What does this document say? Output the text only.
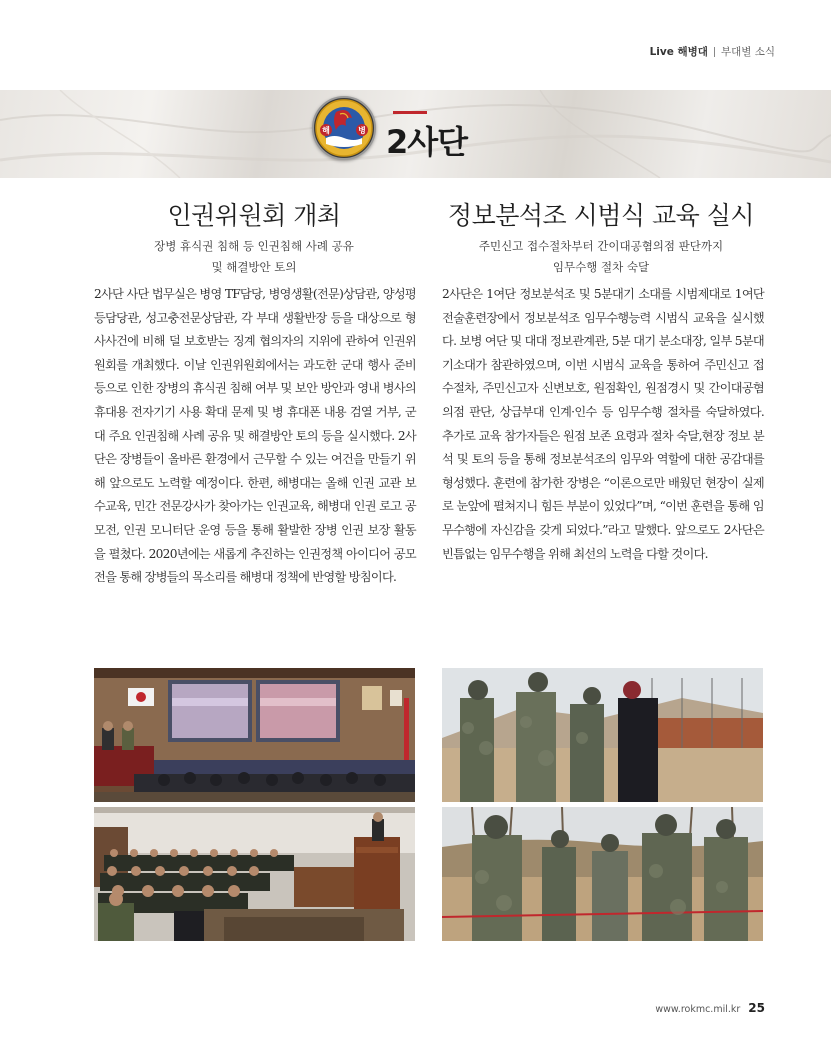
Live 해병대 부대별 소식
해	병 2사단
인권위원회 개최
장병 휴식권 침해 등 인권침해 사례 공유
및 해결방안 토의
2사단 사단 법무실은 병영 TF담당, 병영생활(전문)상담관, 양성평등담당관, 성고충전문상담관, 각 부대 생활반장 등을 대상으로 형사사건에 비해 덜 보호받는 징계 협의자의 지위에 관하여 인권위원회를 개최했다. 이날 인권위원회에서는 과도한 군대 행사 준비 등으로 인한 장병의 휴식권 침해 여부 및 보안 방안과 영내 병사의 휴대용 전자기기 사용 확대 문제 및 병 휴대폰 내용 검열 거부, 군대 주요 인권침해 사례 공유 및 해결방안 토의 등을 실시했다. 2사단은 장병들이 올바른 환경에서 근무할 수 있는 여건을 만들기 위해 앞으로도 노력할 예정이다. 한편, 해병대는 올해 인권 교관 보수교육, 민간 전문강사가 찾아가는 인권교육, 해병대 인권 로고 공모전, 인권 모니터단 운영 등을 통해 활발한 장병 인권 보장 활동을 펼쳤다. 2020년에는 새롭게 추진하는 인권정책 아이디어 공모전을 통해 장병들의 목소리를 해병대 정책에 반영할 방침이다.
정보분석조 시범식 교육 실시
주민신고 접수절차부터 간이대공혐의점 판단까지
임무수행 절차 숙달
2사단은 1여단 정보분석조 및 5분대기 소대를 시범제대로 1여단 전술훈련장에서 정보분석조 임무수행능력 시범식 교육을 실시했다. 보병 여단 및 대대 정보관계관, 5분 대기 분소대장, 일부 5분대기소대가 참관하였으며, 이번 시범식 교육을 통하여 주민신고 접수절차, 주민신고자 신변보호, 원점확인, 원점경시 및 간이대공혐의점 판단, 상급부대 인계·인수 등 임무수행 절차를 숙달하였다. 추가로 교육 참가자들은 원점 보존 요령과 절차 숙달,현장 정보 분석 및 토의 등을 통해 정보분석조의 임무와 역할에 대한 공감대를 형성했다. 훈련에 참가한 장병은 “이론으로만 배웠던 현장이 실제로 눈앞에 펼쳐지니 힘든 부분이 있었다”며, “이번 훈련을 통해 임무수행에 자신감을 갖게 되었다.”라고 말했다. 앞으로도 2사단은 빈틈없는 임무수행을 위해 최선의 노력을 다할 것이다.
www.rokmc.mil.kr 25
